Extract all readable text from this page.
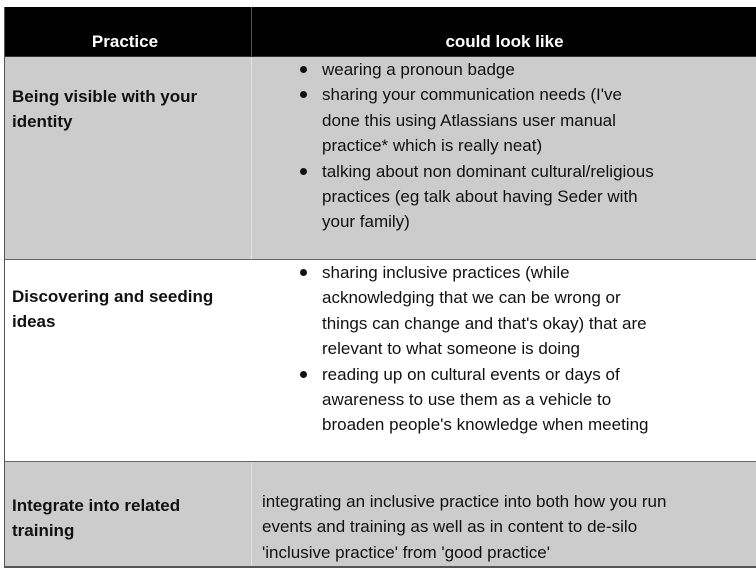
Practice	could look like
Being visible with your identity
wearing a pronoun badge
sharing your communication needs (I've done this using Atlassians user manual practice* which is really neat)
talking about non dominant cultural/religious practices (eg talk about having Seder with your family)
Discovering and seeding ideas
sharing inclusive practices (while acknowledging that we can be wrong or things can change and that's okay) that are relevant to what someone is doing
reading up on cultural events or days of awareness to use them as a vehicle to broaden people's knowledge when meeting
Integrate into related training
integrating an inclusive practice into both how you run events and training as well as in content to de-silo 'inclusive practice' from 'good practice'
